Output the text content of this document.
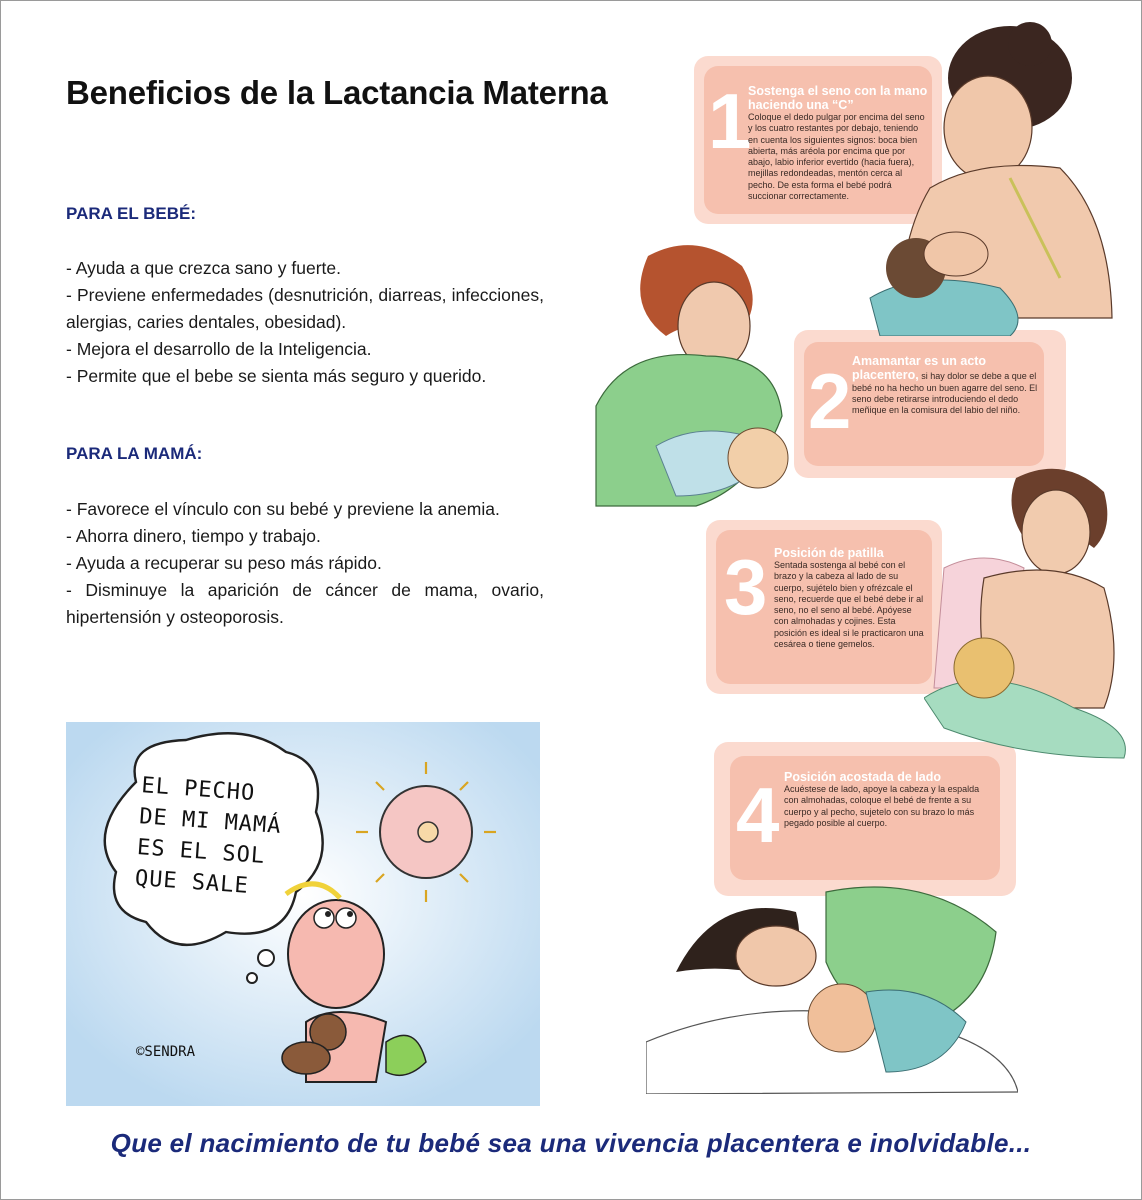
Beneficios de la Lactancia Materna
PARA EL BEBÉ:
- Ayuda a que crezca sano y fuerte.
- Previene enfermedades (desnutrición, diarreas, infecciones, alergias, caries dentales, obesidad).
- Mejora el desarrollo de la Inteligencia.
- Permite que el bebe se sienta más seguro y querido.
PARA LA MAMÁ:
- Favorece el vínculo con su bebé y previene la anemia.
- Ahorra dinero, tiempo y trabajo.
- Ayuda a recuperar su peso más rápido.
- Disminuye la aparición de cáncer de mama, ovario, hipertensión y osteoporosis.
1
Sostenga el seno con la mano haciendo una “C”
Coloque el dedo pulgar por encima del seno y los cuatro restantes por debajo, teniendo en cuenta los siguientes signos: boca bien abierta, más aréola por encima que por abajo, labio inferior evertido (hacia fuera), mejillas redondeadas, mentón cerca al pecho. De esta forma el bebé podrá succionar correctamente.
2 Amamantar es un acto placentero, si hay dolor se debe a que el bebé no ha hecho un buen agarre del seno. El seno debe retirarse introduciendo el dedo meñique en la comisura del labio del niño.
3 Posición de patilla
Sentada sostenga al bebé con el brazo y la cabeza al lado de su cuerpo, sujételo bien y ofrézcale el seno, recuerde que el bebé debe ir al seno, no el seno al bebé. Apóyese con almohadas y cojines. Esta posición es ideal si le practicaron una cesárea o tiene gemelos.
4 Posición acostada de lado
Acuéstese de lado, apoye la cabeza y la espalda con almohadas, coloque el bebé de frente a su cuerpo y al pecho, sujetelo con su brazo lo más pegado posible al cuerpo.
EL PECHO
DE MI MAMÁ
ES EL SOL
QUE SALE
©SENDRA
Que el nacimiento de tu bebé sea una vivencia placentera e inolvidable...
